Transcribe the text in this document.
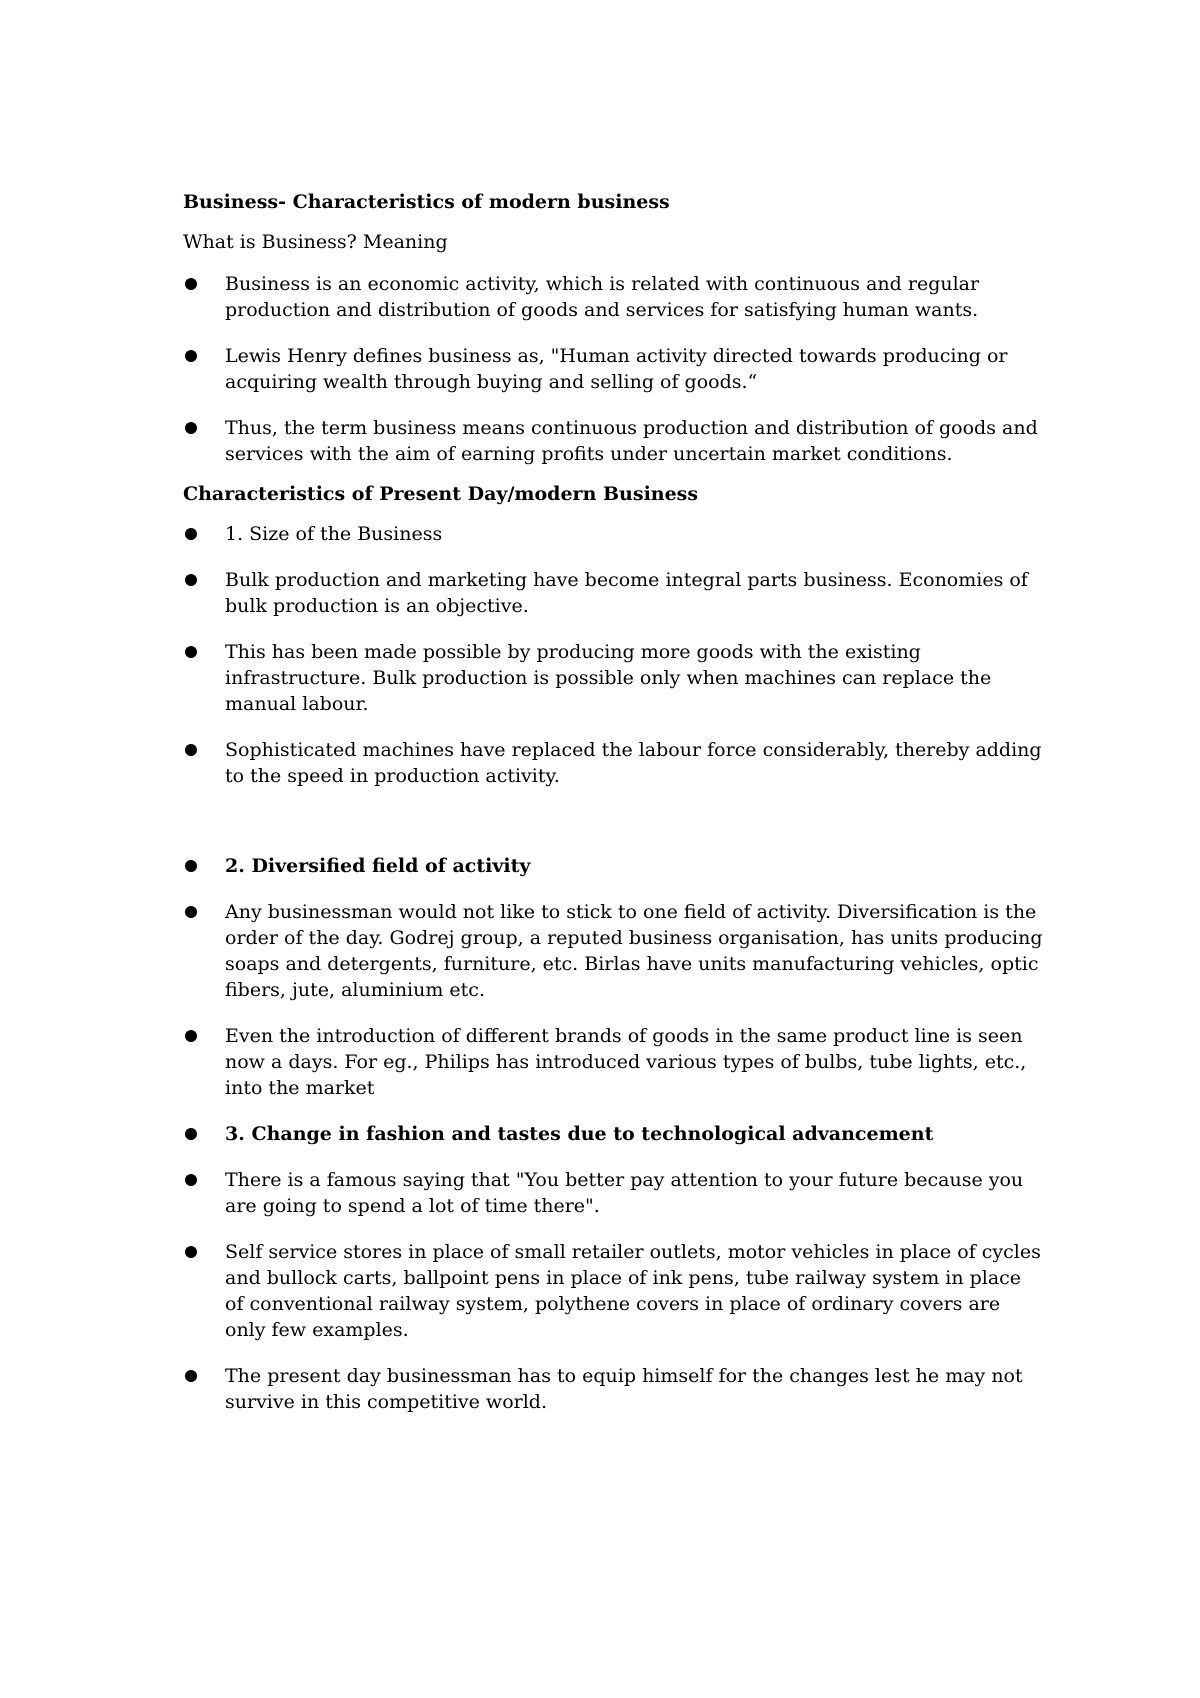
Business- Characteristics of modern business
What is Business? Meaning
Business is an economic activity, which is related with continuous and regular production and distribution of goods and services for satisfying human wants.
Lewis Henry defines business as, "Human activity directed towards producing or acquiring wealth through buying and selling of goods.“
Thus, the term business means continuous production and distribution of goods and services with the aim of earning profits under uncertain market conditions.
Characteristics of Present Day/modern Business
1. Size of the Business
Bulk production and marketing have become integral parts business. Economies of bulk production is an objective.
This has been made possible by producing more goods with the existing infrastructure. Bulk production is possible only when machines can replace the manual labour.
Sophisticated machines have replaced the labour force considerably, thereby adding to the speed in production activity.
2. Diversified field of activity
Any businessman would not like to stick to one field of activity. Diversification is the order of the day. Godrej group, a reputed business organisation, has units producing soaps and detergents, furniture, etc. Birlas have units manufacturing vehicles, optic fibers, jute, aluminium etc.
Even the introduction of different brands of goods in the same product line is seen now a days. For eg., Philips has introduced various types of bulbs, tube lights, etc., into the market
3. Change in fashion and tastes due to technological advancement
There is a famous saying that "You better pay attention to your future because you are going to spend a lot of time there".
Self service stores in place of small retailer outlets, motor vehicles in place of cycles and bullock carts, ballpoint pens in place of ink pens, tube railway system in place of conventional railway system, polythene covers in place of ordinary covers are only few examples.
The present day businessman has to equip himself for the changes lest he may not survive in this competitive world.
